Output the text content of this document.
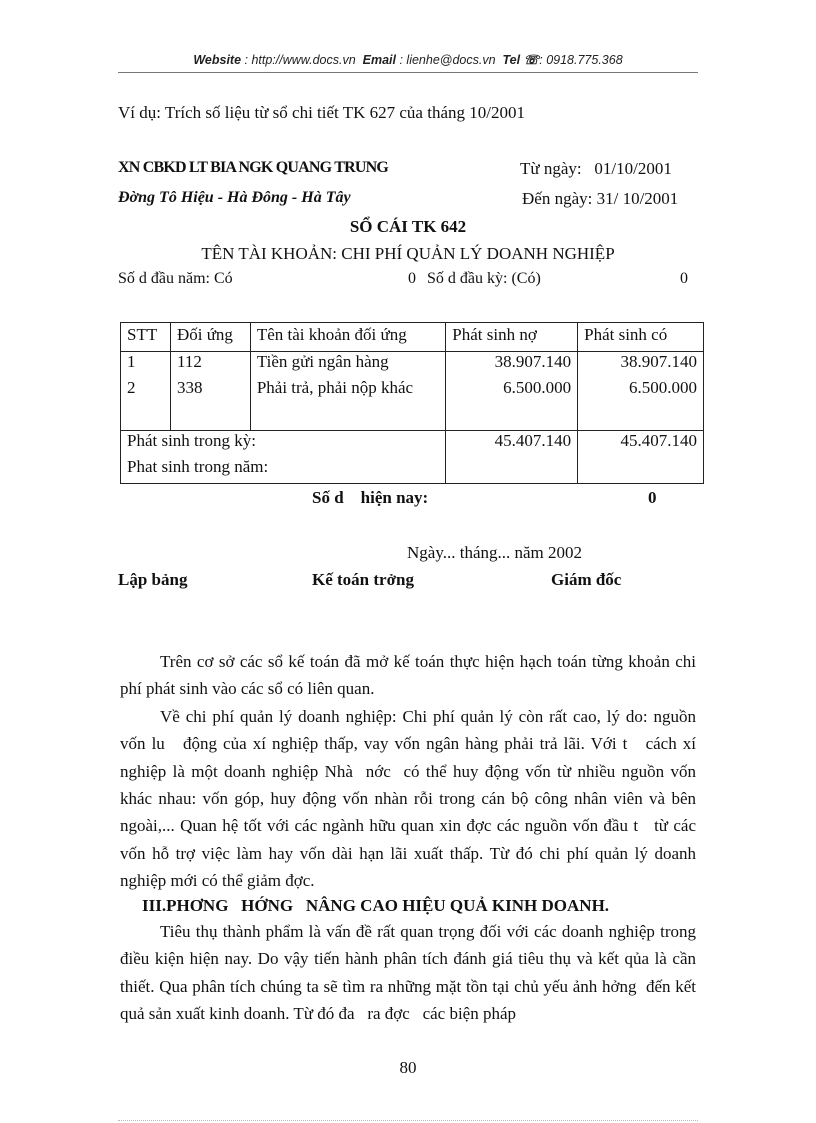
Website : http://www.docs.vn Email : lienhe@docs.vn Tel ☏: 0918.775.368
Ví dụ: Trích số liệu từ sổ chi tiết TK 627 của tháng 10/2001
XN CBKD LT BIA NGK QUANG TRUNG	Từ ngày: 01/10/2001
Đờng Tô Hiệu - Hà Đông - Hà Tây	Đến ngày: 31/ 10/2001
SỔ CÁI TK 642
TÊN TÀI KHOẢN: CHI PHÍ QUẢN LÝ DOANH NGHIỆP
Số d đầu năm: Có	0 Số d đầu kỳ: (Có)	0
STT	Đối ứng	Tên tài khoản đối ứng	Phát sinh nợ	Phát sinh có
1	112	Tiền gửi ngân hàng	38.907.140	38.907.140
2	338	Phải trả, phải nộp khác	6.500.000	6.500.000

Phát sinh trong kỳ:			45.407.140	45.407.140
Phat sinh trong năm:				
Số d    hiện nay:	0
Ngày... tháng... năm 2002
Lập bảng	Kế toán trởng	Giám đốc

Trên cơ sở các sổ kế toán đã mở kế toán thực hiện hạch toán từng khoản chi phí phát sinh vào các sổ có liên quan.

Về chi phí quản lý doanh nghiệp: Chi phí quản lý còn rất cao, lý do: nguồn vốn lu   động của xí nghiệp thấp, vay vốn ngân hàng phải trả lãi. Với t   cách xí nghiệp là một doanh nghiệp Nhà  nớc  có thể huy động vốn từ nhiều nguồn vốn khác nhau: vốn góp, huy động vốn nhàn rỗi trong cán bộ công nhân viên và bên ngoài,... Quan hệ tốt với các ngành hữu quan xin đợc các nguồn vốn đầu t   từ các vốn hỗ trợ việc làm hay vốn dài hạn lãi xuất thấp. Từ đó chi phí quản lý doanh nghiệp mới có thể giảm đợc.

III.PHƠNG   HỚNG   NÂNG CAO HIỆU QUẢ KINH DOANH.

Tiêu thụ thành phẩm là vấn đề rất quan trọng đối với các doanh nghiệp trong điều kiện hiện nay. Do vậy tiến hành phân tích đánh giá tiêu thụ và kết qủa là cần thiết. Qua phân tích chúng ta sẽ tìm ra những mặt tồn tại chủ yếu ảnh hởng  đến kết quả sản xuất kinh doanh. Từ đó đa   ra đợc   các biện pháp

80
